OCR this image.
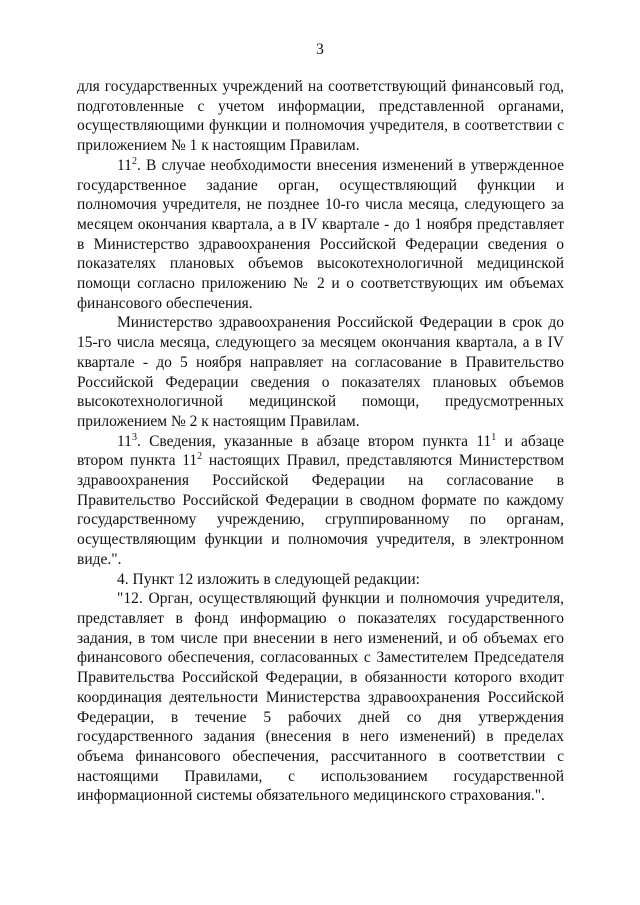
3

для государственных учреждений на соответствующий финансовый год, подготовленные с учетом информации, представленной органами, осуществляющими функции и полномочия учредителя, в соответствии с приложением № 1 к настоящим Правилам.

$11^2$. В случае необходимости внесения изменений в утвержденное государственное задание орган, осуществляющий функции и полномочия учредителя, не позднее 10-го числа месяца, следующего за месяцем окончания квартала, а в IV квартале - до 1 ноября представляет в Министерство здравоохранения Российской Федерации сведения о показателях плановых объемов высокотехнологичной медицинской помощи согласно приложению № 2 и о соответствующих им объемах финансового обеспечения.

Министерство здравоохранения Российской Федерации в срок до 15-го числа месяца, следующего за месяцем окончания квартала, а в IV квартале - до 5 ноября направляет на согласование в Правительство Российской Федерации сведения о показателях плановых объемов высокотехнологичной медицинской помощи, предусмотренных приложением № 2 к настоящим Правилам.

$11^3$. Сведения, указанные в абзаце втором пункта $11^1$ и абзаце втором пункта $11^2$ настоящих Правил, представляются Министерством здравоохранения Российской Федерации на согласование в Правительство Российской Федерации в сводном формате по каждому государственному учреждению, сгруппированному по органам, осуществляющим функции и полномочия учредителя, в электронном виде.".

4. Пункт 12 изложить в следующей редакции:

"12. Орган, осуществляющий функции и полномочия учредителя, представляет в фонд информацию о показателях государственного задания, в том числе при внесении в него изменений, и об объемах его финансового обеспечения, согласованных с Заместителем Председателя Правительства Российской Федерации, в обязанности которого входит координация деятельности Министерства здравоохранения Российской Федерации, в течение 5 рабочих дней со дня утверждения государственного задания (внесения в него изменений) в пределах объема финансового обеспечения, рассчитанного в соответствии с настоящими Правилами, с использованием государственной информационной системы обязательного медицинского страхования.".
